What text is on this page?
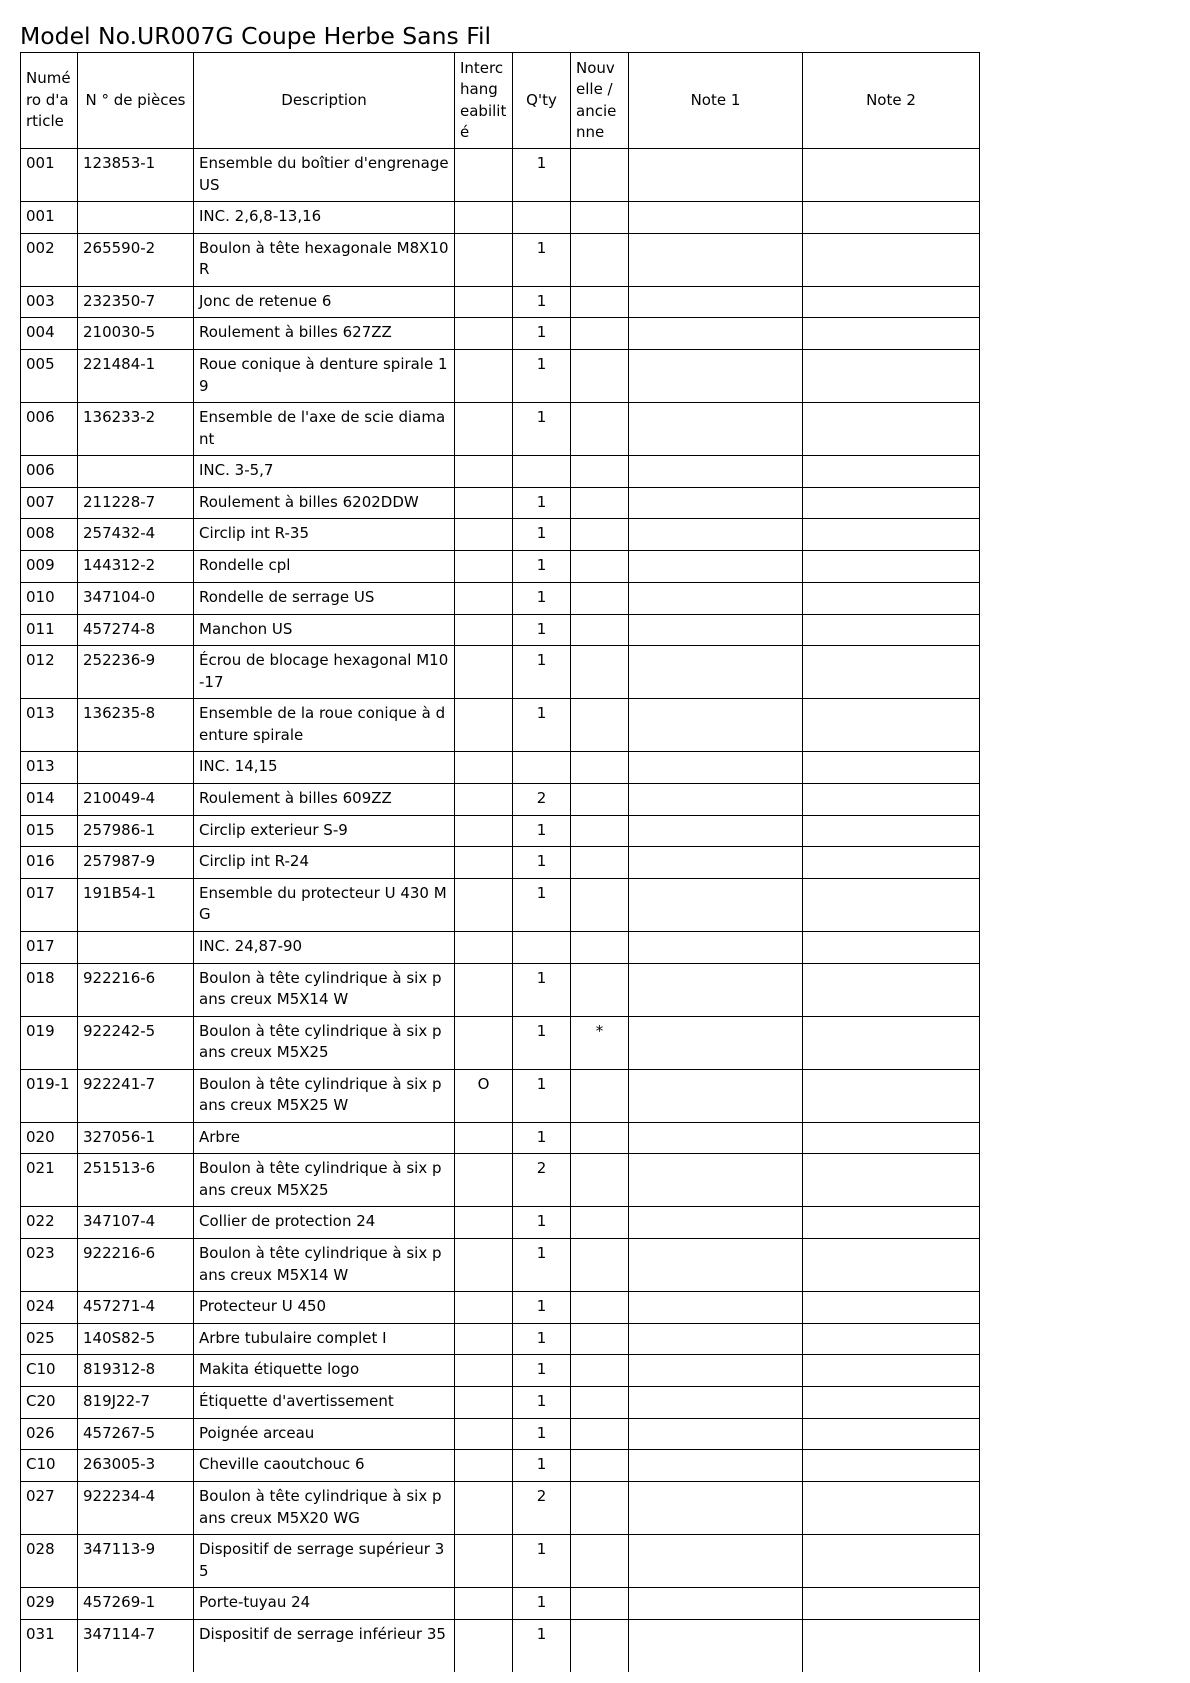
Model No.UR007G Coupe Herbe Sans Fil
Numé ro d'a rticle	N ° de pièces	Description	Interc hang eabilit é	Q'ty	Nouv elle / ancie nne	Note 1	Note 2
001	123853-1	Ensemble du boîtier d'engrenage US		1			
001		INC. 2,6,8-13,16					
002	265590-2	Boulon à tête hexagonale M8X10 R		1			
003	232350-7	Jonc de retenue 6		1			
004	210030-5	Roulement à billes 627ZZ		1			
005	221484-1	Roue conique à denture spirale 19		1			
006	136233-2	Ensemble de l'axe de scie diamant		1			
006		INC. 3-5,7					
007	211228-7	Roulement à billes 6202DDW		1			
008	257432-4	Circlip int R-35		1			
009	144312-2	Rondelle cpl		1			
010	347104-0	Rondelle de serrage US		1			
011	457274-8	Manchon US		1			
012	252236-9	Écrou de blocage hexagonal M10-17		1			
013	136235-8	Ensemble de la roue conique à denture spirale		1			
013		INC. 14,15					
014	210049-4	Roulement à billes 609ZZ		2			
015	257986-1	Circlip exterieur S-9		1			
016	257987-9	Circlip int R-24		1			
017	191B54-1	Ensemble du protecteur U 430 MG		1			
017		INC. 24,87-90					
018	922216-6	Boulon à tête cylindrique à six pans creux M5X14 W		1			
019	922242-5	Boulon à tête cylindrique à six pans creux M5X25		1	*		
019-1	922241-7	Boulon à tête cylindrique à six pans creux M5X25 W	O	1			
020	327056-1	Arbre		1			
021	251513-6	Boulon à tête cylindrique à six pans creux M5X25		2			
022	347107-4	Collier de protection 24		1			
023	922216-6	Boulon à tête cylindrique à six pans creux M5X14 W		1			
024	457271-4	Protecteur U 450		1			
025	140S82-5	Arbre tubulaire complet I		1			
C10	819312-8	Makita étiquette logo		1			
C20	819J22-7	Étiquette d'avertissement		1			
026	457267-5	Poignée arceau		1			
C10	263005-3	Cheville caoutchouc 6		1			
027	922234-4	Boulon à tête cylindrique à six pans creux M5X20 WG		2			
028	347113-9	Dispositif de serrage supérieur 35		1			
029	457269-1	Porte-tuyau 24		1			
031	347114-7	Dispositif de serrage inférieur 35		1			
